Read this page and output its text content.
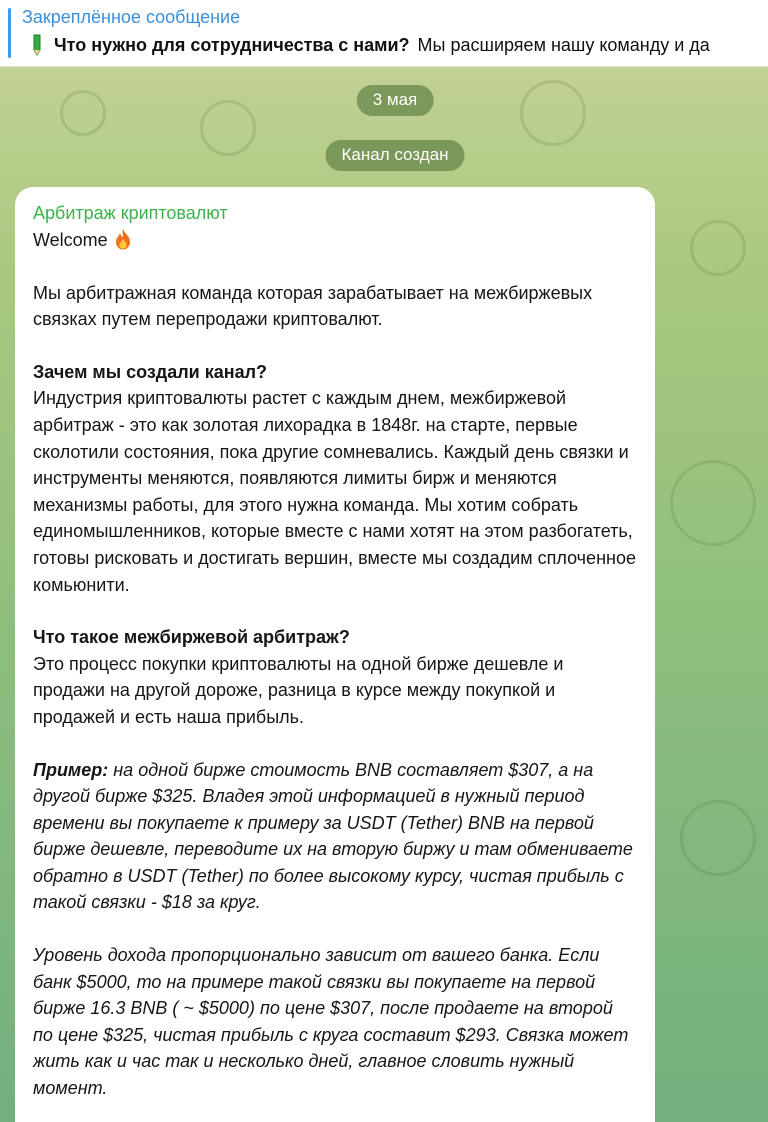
Закреплённое сообщение
Что нужно для сотрудничества с нами? Мы расширяем нашу команду и да
3 мая
Канал создан
Арбитраж криптовалют

Welcome

Мы арбитражная команда которая зарабатывает на межбиржевых связках путем перепродажи криптовалют.

Зачем мы создали канал?

Индустрия криптовалюты растет с каждым днем, межбиржевой арбитраж - это как золотая лихорадка в 1848г. на старте, первые сколотили состояния, пока другие сомневались. Каждый день связки и инструменты меняются, появляются лимиты бирж и меняются механизмы работы, для этого нужна команда. Мы хотим собрать единомышленников, которые вместе с нами хотят на этом разбогатеть, готовы рисковать и достигать вершин, вместе мы создадим сплоченное комьюнити.

Что такое межбиржевой арбитраж?

Это процесс покупки криптовалюты на одной бирже дешевле и продажи на другой дороже, разница в курсе между покупкой и продажей и есть наша прибыль.

Пример: на одной бирже стоимость BNB составляет $307, а на другой бирже $325. Владея этой информацией в нужный период времени вы покупаете к примеру за USDT (Tether) BNB на первой бирже дешевле, переводите их на вторую биржу и там обмениваете обратно в USDT (Tether) по более высокому курсу, чистая прибыль с такой связки - $18 за круг.

Уровень дохода пропорционально зависит от вашего банка. Если банк $5000, то на примере такой связки вы покупаете на первой бирже 16.3 BNB ( ~ $5000) по цене $307, после продаете на второй по цене $325, чистая прибыль с круга составит $293. Связка может жить как и час так и несколько дней, главное словить нужный момент.
